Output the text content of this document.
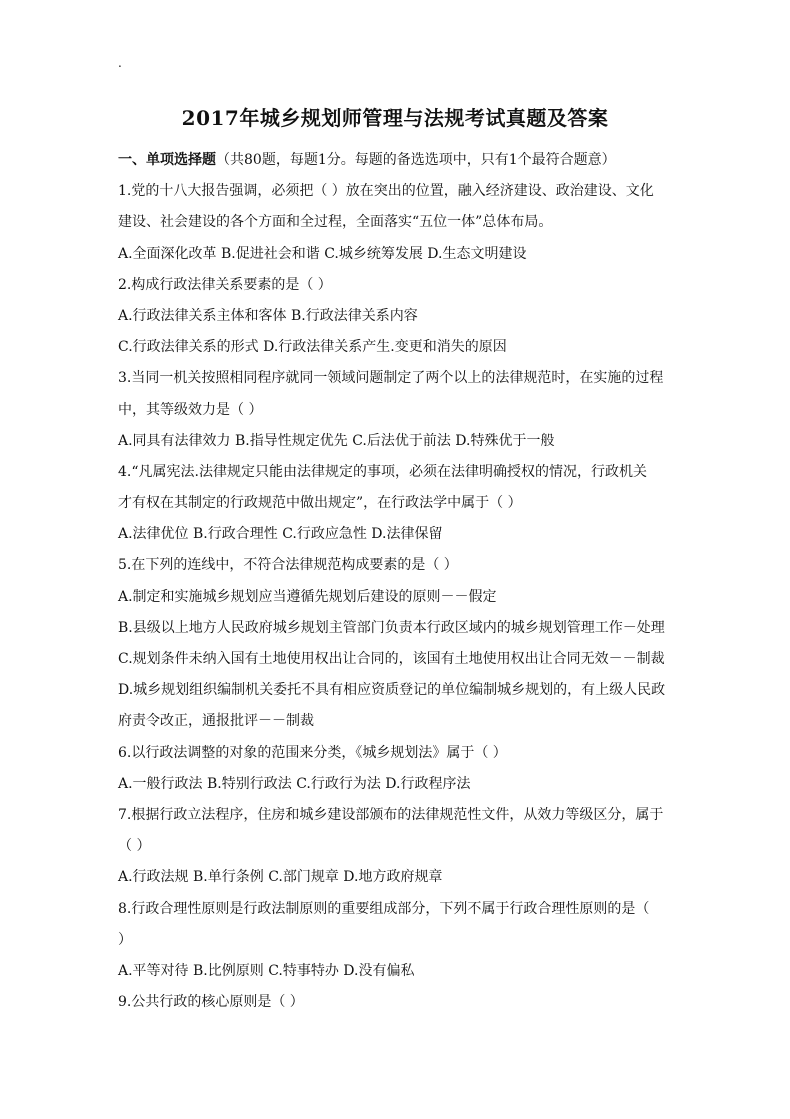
.
2017年城乡规划师管理与法规考试真题及答案
一、单项选择题（共80题，每题1分。每题的备选选项中，只有1个最符合题意）
1.党的十八大报告强调，必须把（ ）放在突出的位置，融入经济建设、政治建设、文化
建设、社会建设的各个方面和全过程，全面落实“五位一体”总体布局。
A.全面深化改革 B.促进社会和谐 C.城乡统筹发展 D.生态文明建设
2.构成行政法律关系要素的是（ ）
A.行政法律关系主体和客体 B.行政法律关系内容
C.行政法律关系的形式 D.行政法律关系产生.变更和消失的原因
3.当同一机关按照相同程序就同一领域问题制定了两个以上的法律规范时，在实施的过程
中，其等级效力是（ ）
A.同具有法律效力 B.指导性规定优先 C.后法优于前法 D.特殊优于一般
4.“凡属宪法.法律规定只能由法律规定的事项，必须在法律明确授权的情况，行政机关
才有权在其制定的行政规范中做出规定”，在行政法学中属于（ ）
A.法律优位 B.行政合理性 C.行政应急性 D.法律保留
5.在下列的连线中，不符合法律规范构成要素的是（ ）
A.制定和实施城乡规划应当遵循先规划后建设的原则－－假定
B.县级以上地方人民政府城乡规划主管部门负责本行政区域内的城乡规划管理工作－处理
C.规划条件未纳入国有土地使用权出让合同的，该国有土地使用权出让合同无效－－制裁
D.城乡规划组织编制机关委托不具有相应资质登记的单位编制城乡规划的，有上级人民政
府责令改正，通报批评－－制裁
6.以行政法调整的对象的范围来分类，《城乡规划法》属于（ ）
A.一般行政法 B.特别行政法 C.行政行为法 D.行政程序法
7.根据行政立法程序，住房和城乡建设部颁布的法律规范性文件，从效力等级区分，属于
（ ）
A.行政法规 B.单行条例 C.部门规章 D.地方政府规章
8.行政合理性原则是行政法制原则的重要组成部分，下列不属于行政合理性原则的是（
）
A.平等对待 B.比例原则 C.特事特办 D.没有偏私
9.公共行政的核心原则是（ ）
